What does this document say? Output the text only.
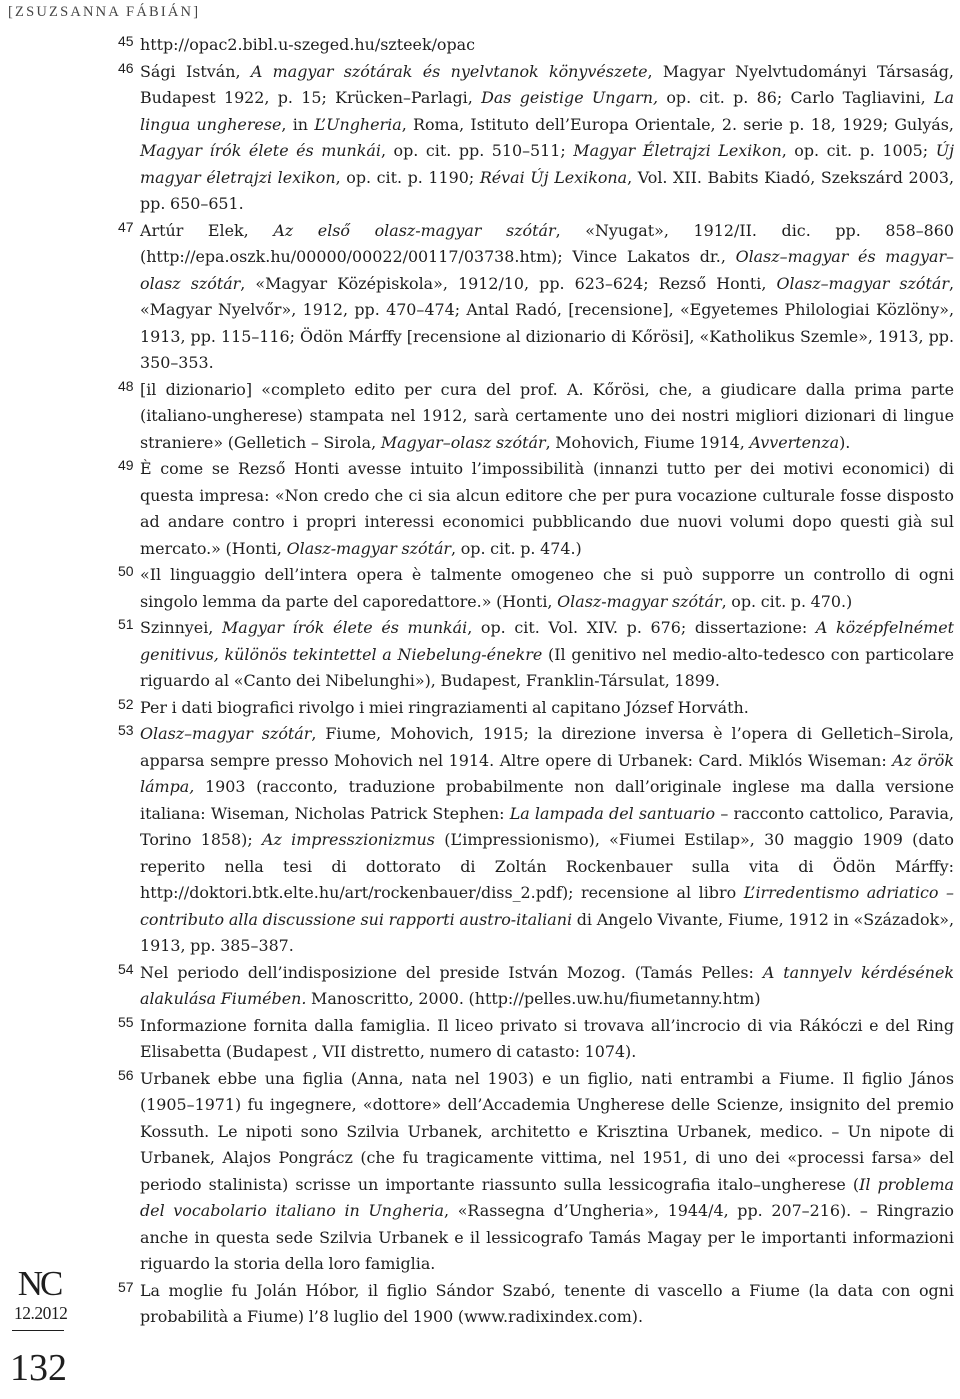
[ZSUZSANNA FÁBIÁN]
45 http://opac2.bibl.u-szeged.hu/szteek/opac
46 Sági István, A magyar szótárak és nyelvtanok könyvészete, Magyar Nyelvtudományi Társaság, Budapest 1922, p. 15; Krücken–Parlagi, Das geistige Ungarn, op. cit. p. 86; Carlo Tagliavini, La lingua ungherese, in L’Ungheria, Roma, Istituto dell’Europa Orientale, 2. serie p. 18, 1929; Gulyás, Magyar írók élete és munkái, op. cit. pp. 510–511; Magyar Életrajzi Lexikon, op. cit. p. 1005; Új magyar életrajzi lexikon, op. cit. p. 1190; Révai Új Lexikona, Vol. XII. Babits Kiadó, Szekszárd 2003, pp. 650–651.
47 Artúr Elek, Az első olasz-magyar szótár, «Nyugat», 1912/II. dic. pp. 858–860 (http://epa.oszk.hu/00000/00022/00117/03738.htm); Vince Lakatos dr., Olasz–magyar és magyar–olasz szótár, «Magyar Középiskola», 1912/10, pp. 623–624; Rezső Honti, Olasz–magyar szótár, «Magyar Nyelvőr», 1912, pp. 470–474; Antal Radó, [recensione], «Egyetemes Philologiai Közlöny», 1913, pp. 115–116; Ödön Márffy [recensione al dizionario di Kőrösi], «Katholikus Szemle», 1913, pp. 350–353.
48 [il dizionario] «completo edito per cura del prof. A. Kőrösi, che, a giudicare dalla prima parte (italiano-ungherese) stampata nel 1912, sarà certamente uno dei nostri migliori dizionari di lingue straniere» (Gelletich – Sirola, Magyar–olasz szótár, Mohovich, Fiume 1914, Avvertenza).
49 È come se Rezső Honti avesse intuito l’impossibilità (innanzi tutto per dei motivi economici) di questa impresa: «Non credo che ci sia alcun editore che per pura vocazione culturale fosse disposto ad andare contro i propri interessi economici pubblicando due nuovi volumi dopo questi già sul mercato.» (Honti, Olasz-magyar szótár, op. cit. p. 474.)
50 «Il linguaggio dell’intera opera è talmente omogeneo che si può supporre un controllo di ogni singolo lemma da parte del caporedattore.» (Honti, Olasz-magyar szótár, op. cit. p. 470.)
51 Szinnyei, Magyar írók élete és munkái, op. cit. Vol. XIV. p. 676; dissertazione: A középfelnémet genitivus, különös tekintettel a Niebelung-énekre (Il genitivo nel medio-alto-tedesco con particolare riguardo al «Canto dei Nibelunghi»), Budapest, Franklin-Társulat, 1899.
52 Per i dati biografici rivolgo i miei ringraziamenti al capitano József Horváth.
53 Olasz–magyar szótár, Fiume, Mohovich, 1915; la direzione inversa è l’opera di Gelletich–Sirola, apparsa sempre presso Mohovich nel 1914. Altre opere di Urbanek: Card. Miklós Wiseman: Az örök lámpa, 1903 (racconto, traduzione probabilmente non dall’originale inglese ma dalla versione italiana: Wiseman, Nicholas Patrick Stephen: La lampada del santuario – racconto cattolico, Paravia, Torino 1858); Az impresszionizmus (L’impressionismo), «Fiumei Estilap», 30 maggio 1909 (dato reperito nella tesi di dottorato di Zoltán Rockenbauer sulla vita di Ödön Márffy: http://doktori.btk.elte.hu/art/rockenbauer/diss_2.pdf); recensione al libro L’irredentismo adriatico – contributo alla discussione sui rapporti austro-italiani di Angelo Vivante, Fiume, 1912 in «Századok», 1913, pp. 385–387.
54 Nel periodo dell’indisposizione del preside István Mozog. (Tamás Pelles: A tannyelv kérdésének alakulása Fiumében. Manoscritto, 2000. (http://pelles.uw.hu/fiumetanny.htm)
55 Informazione fornita dalla famiglia. Il liceo privato si trovava all’incrocio di via Rákóczi e del Ring Elisabetta (Budapest , VII distretto, numero di catasto: 1074).
56 Urbanek ebbe una figlia (Anna, nata nel 1903) e un figlio, nati entrambi a Fiume. Il figlio János (1905–1971) fu ingegnere, «dottore» dell’Accademia Ungherese delle Scienze, insignito del premio Kossuth. Le nipoti sono Szilvia Urbanek, architetto e Krisztina Urbanek, medico. – Un nipote di Urbanek, Alajos Pongrácz (che fu tragicamente vittima, nel 1951, di uno dei «processi farsa» del periodo stalinista) scrisse un importante riassunto sulla lessicografia italo–ungherese (Il problema del vocabolario italiano in Ungheria, «Rassegna d’Ungheria», 1944/4, pp. 207–216). – Ringrazio anche in questa sede Szilvia Urbanek e il lessicografo Tamás Magay per le importanti informazioni riguardo la storia della loro famiglia.
57 La moglie fu Jolán Hóbor, il figlio Sándor Szabó, tenente di vascello a Fiume (la data con ogni probabilità a Fiume) l’8 luglio del 1900 (www.radixindex.com).
NC
12.2012
132
